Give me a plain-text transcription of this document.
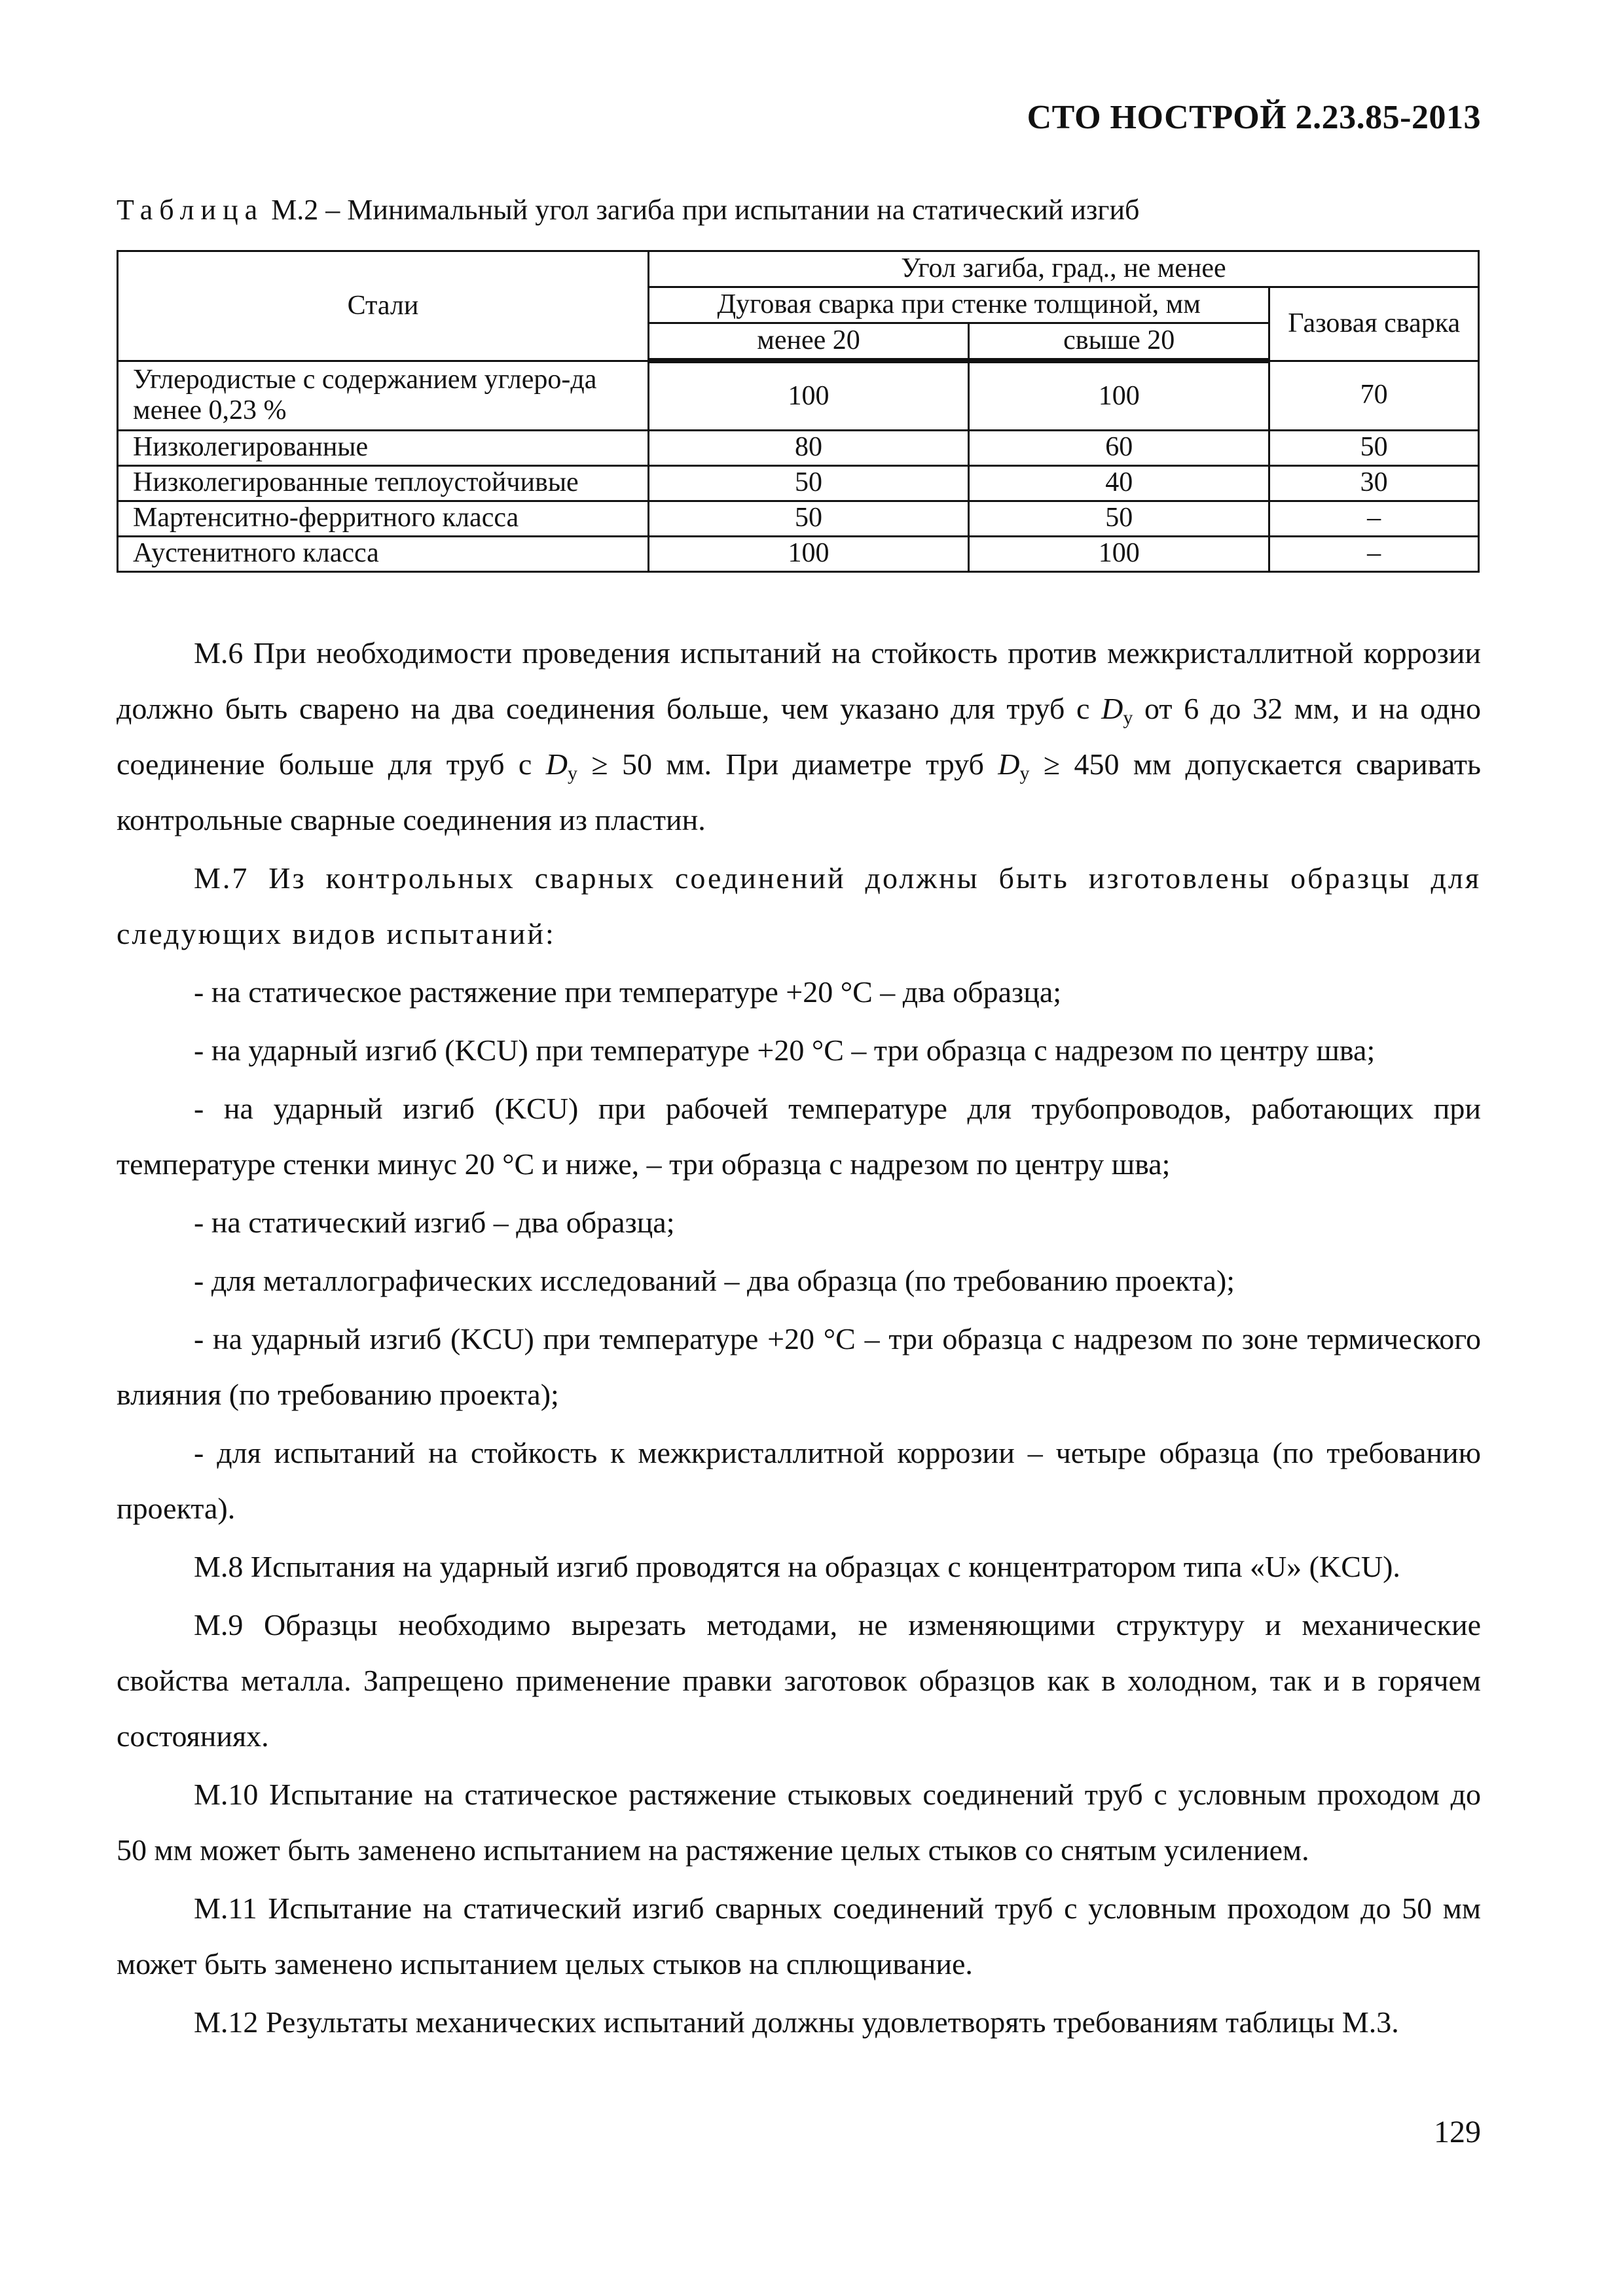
СТО НОСТРОЙ 2.23.85-2013
Таблица М.2 – Минимальный угол загиба при испытании на статический изгиб
Стали	Угол загиба, град., не менее		
	Дуговая сварка при стенке толщиной, мм		Газовая сварка
	менее 20	свыше 20	
Углеродистые с содержанием углеро-да менее 0,23 %	100	100	70
Низколегированные	80	60	50
Низколегированные теплоустойчивые	50	40	30
Мартенситно-ферритного класса	50	50	–
Аустенитного класса	100	100	–

М.6 При необходимости проведения испытаний на стойкость против межкристаллитной коррозии должно быть сварено на два соединения больше, чем указано для труб с $D_y$ от 6 до 32 мм, и на одно соединение больше для труб с $D_y \ge 50$ мм. При диаметре труб $D_y \ge 450$ мм допускается сваривать контрольные сварные соединения из пластин.

М.7 Из контрольных сварных соединений должны быть изготовлены образцы для следующих видов испытаний:

- на статическое растяжение при температуре +20 °С – два образца;

- на ударный изгиб (KCU) при температуре +20 °С – три образца с надрезом по центру шва;

- на ударный изгиб (KCU) при рабочей температуре для трубопроводов, работающих при температуре стенки минус 20 °С и ниже, – три образца с надрезом по центру шва;

- на статический изгиб – два образца;

- для металлографических исследований – два образца (по требованию проекта);

- на ударный изгиб (KCU) при температуре +20 °С – три образца с надрезом по зоне термического влияния (по требованию проекта);

- для испытаний на стойкость к межкристаллитной коррозии – четыре образца (по требованию проекта).

М.8 Испытания на ударный изгиб проводятся на образцах с концентратором типа «U» (KCU).

М.9 Образцы необходимо вырезать методами, не изменяющими структуру и механические свойства металла. Запрещено применение правки заготовок образцов как в холодном, так и в горячем состояниях.

М.10 Испытание на статическое растяжение стыковых соединений труб с условным проходом до 50 мм может быть заменено испытанием на растяжение целых стыков со снятым усилением.

М.11 Испытание на статический изгиб сварных соединений труб с условным проходом до 50 мм может быть заменено испытанием целых стыков на сплющивание.

М.12 Результаты механических испытаний должны удовлетворять требованиям таблицы М.3.

129
